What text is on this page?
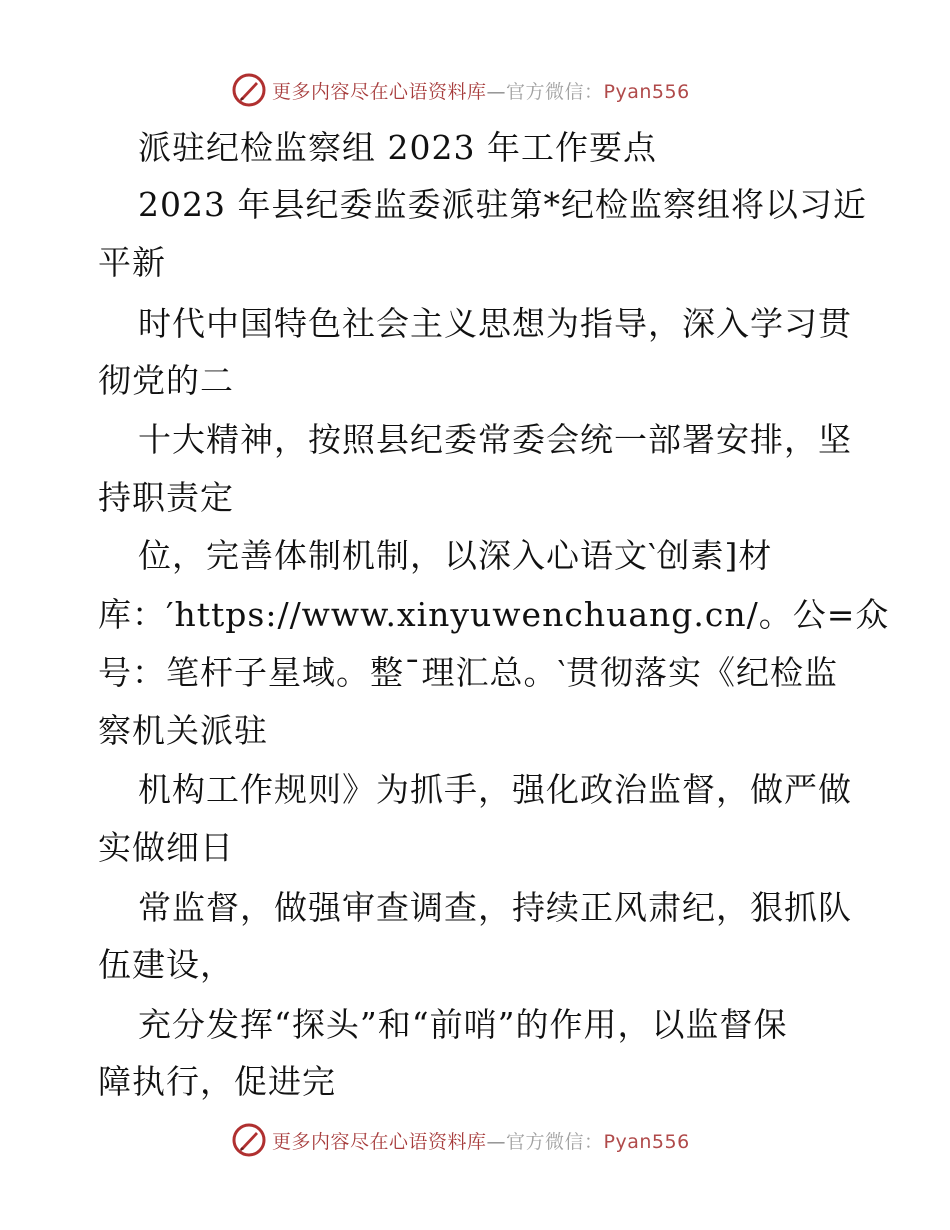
更多内容尽在心语资料库—官方微信：Pyan556
派驻纪检监察组 2023 年工作要点
2023 年县纪委监委派驻第*纪检监察组将以习近
平新
时代中国特色社会主义思想为指导，深入学习贯
彻党的二
十大精神，按照县纪委常委会统一部署安排，坚
持职责定
位，完善体制机制，以深入心语文‵创素]材
库：′https://www.xinyuwenchuang.cn/。公=众
号：笔杆子星域。整¯理汇总。‵贯彻落实《纪检监
察机关派驻
机构工作规则》为抓手，强化政治监督，做严做
实做细日
常监督，做强审查调查，持续正风肃纪，狠抓队
伍建设，
充分发挥“探头”和“前哨”的作用，以监督保
障执行，促进完
更多内容尽在心语资料库—官方微信：Pyan556
